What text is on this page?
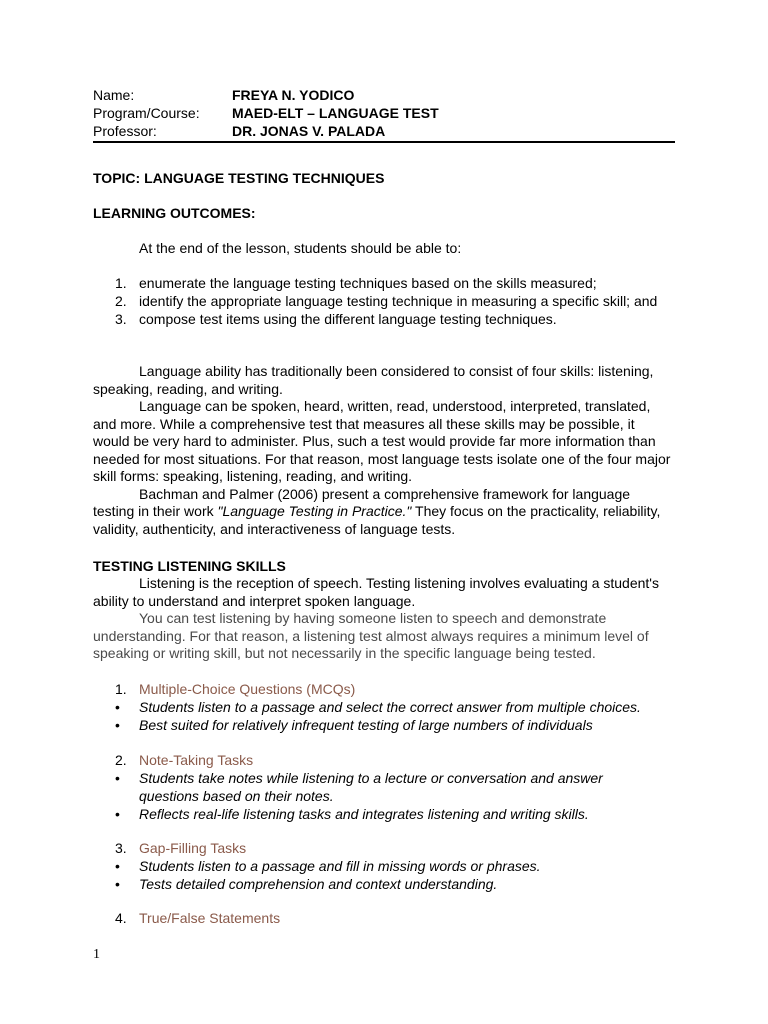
Name:	FREYA N. YODICO
Program/Course:	MAED-ELT – LANGUAGE TEST
Professor:	DR. JONAS V. PALADA
TOPIC: LANGUAGE TESTING TECHNIQUES
LEARNING OUTCOMES:
At the end of the lesson, students should be able to:
1. enumerate the language testing techniques based on the skills measured;
2. identify the appropriate language testing technique in measuring a specific skill; and
3. compose test items using the different language testing techniques.

Language ability has traditionally been considered to consist of four skills: listening, speaking, reading, and writing.

Language can be spoken, heard, written, read, understood, interpreted, translated, and more. While a comprehensive test that measures all these skills may be possible, it would be very hard to administer. Plus, such a test would provide far more information than needed for most situations. For that reason, most language tests isolate one of the four major skill forms: speaking, listening, reading, and writing.

Bachman and Palmer (2006) present a comprehensive framework for language testing in their work "Language Testing in Practice." They focus on the practicality, reliability, validity, authenticity, and interactiveness of language tests.

TESTING LISTENING SKILLS

Listening is the reception of speech. Testing listening involves evaluating a student's ability to understand and interpret spoken language.

You can test listening by having someone listen to speech and demonstrate understanding. For that reason, a listening test almost always requires a minimum level of speaking or writing skill, but not necessarily in the specific language being tested.

1. Multiple-Choice Questions (MCQs)
•	Students listen to a passage and select the correct answer from multiple choices.
•	Best suited for relatively infrequent testing of large numbers of individuals
2. Note-Taking Tasks
•	Students take notes while listening to a lecture or conversation and answer questions based on their notes.
•	Reflects real-life listening tasks and integrates listening and writing skills.
3. Gap-Filling Tasks
•	Students listen to a passage and fill in missing words or phrases.
•	Tests detailed comprehension and context understanding.
4. True/False Statements
1
